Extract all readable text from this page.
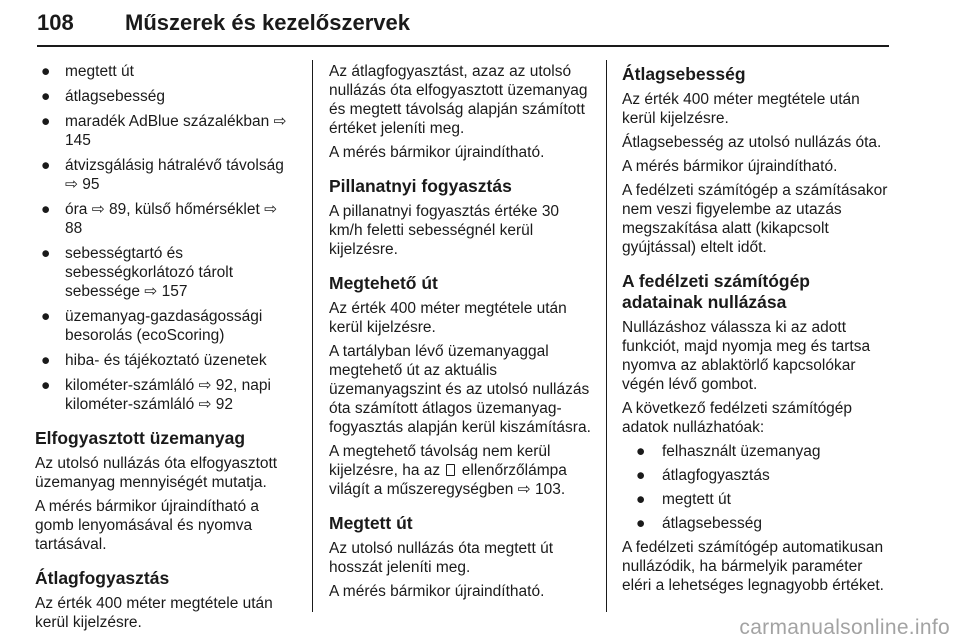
108 Műszerek és kezelőszervek
● megtett út
● átlagsebesség
● maradék AdBlue százalékban ⇨ 145
● átvizsgálásig hátralévő távolság ⇨ 95
● óra ⇨ 89, külső hőmérséklet ⇨ 88
● sebességtartó és sebességkorlátozó tárolt sebessége ⇨ 157
● üzemanyag-gazdaságossági besorolás (ecoScoring)
● hiba- és tájékoztató üzenetek
● kilométer-számláló ⇨ 92, napi kilométer-számláló ⇨ 92
Elfogyasztott üzemanyag

Az utolsó nullázás óta elfogyasztott üzemanyag mennyiségét mutatja.

A mérés bármikor újraindítható a gomb lenyomásával és nyomva tartásával.

Átlagfogyasztás

Az érték 400 méter megtétele után kerül kijelzésre.

Az átlagfogyasztást, azaz az utolsó nullázás óta elfogyasztott üzemanyag és megtett távolság alapján számított értéket jeleníti meg.

A mérés bármikor újraindítható.

Pillanatnyi fogyasztás

A pillanatnyi fogyasztás értéke 30 km/h feletti sebességnél kerül kijelzésre.

Megtehető út

Az érték 400 méter megtétele után kerül kijelzésre.

A tartályban lévő üzemanyaggal megtehető út az aktuális üzemanyagszint és az utolsó nullázás óta számított átlagos üzemanyag-fogyasztás alapján kerül kiszámításra.

A megtehető távolság nem kerül kijelzésre, ha az ellenőrzőlámpa világít a műszeregységben ⇨ 103.

Megtett út

Az utolsó nullázás óta megtett út hosszát jeleníti meg.

A mérés bármikor újraindítható.

Átlagsebesség

Az érték 400 méter megtétele után kerül kijelzésre.

Átlagsebesség az utolsó nullázás óta.

A mérés bármikor újraindítható.

A fedélzeti számítógép a számításakor nem veszi figyelembe az utazás megszakítása alatt (kikapcsolt gyújtással) eltelt időt.

A fedélzeti számítógép adatainak nullázása

Nullázáshoz válassza ki az adott funkciót, majd nyomja meg és tartsa nyomva az ablaktörlő kapcsolókar végén lévő gombot.

A következő fedélzeti számítógép adatok nullázhatóak:

● felhasznált üzemanyag
● átlagfogyasztás
● megtett út
● átlagsebesség

A fedélzeti számítógép automatikusan nullázódik, ha bármelyik paraméter eléri a lehetséges legnagyobb értéket.

carmanualsonline.info
